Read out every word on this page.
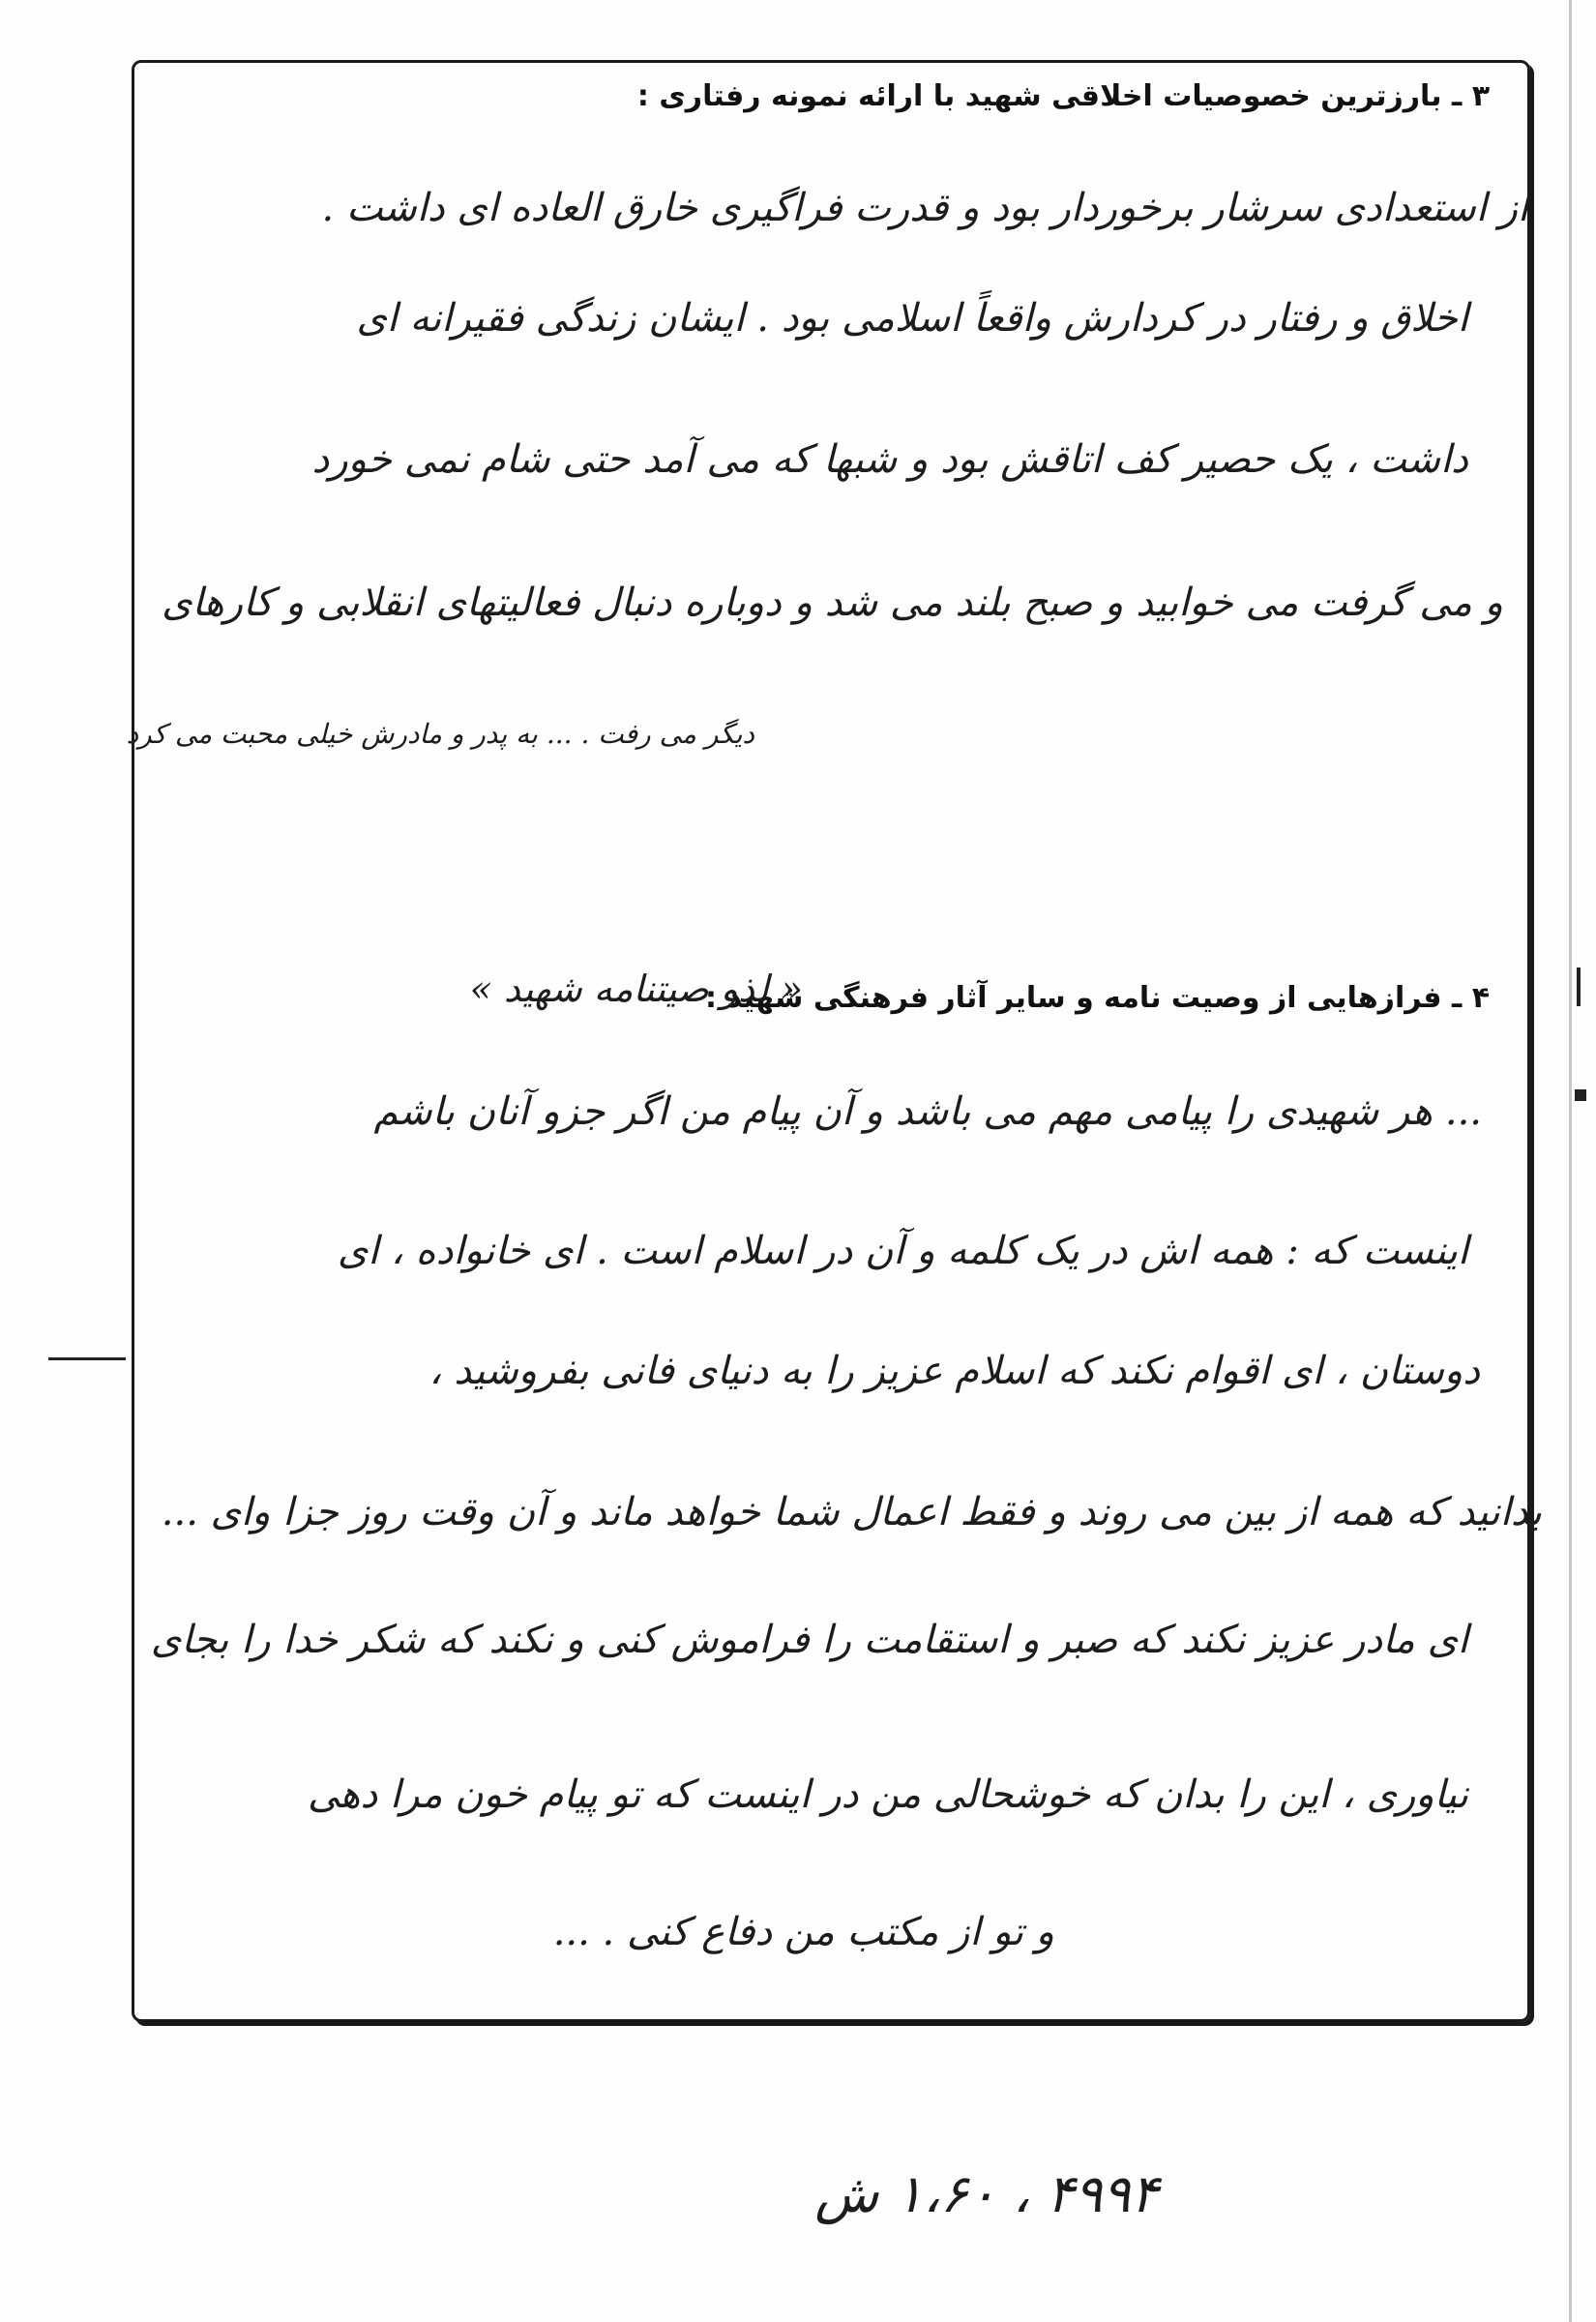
۳ ـ بارزترین خصوصیات اخلاقی شهید با ارائه نمونه رفتاری :
از استعدادی سرشار برخوردار بود و قدرت فراگیری خارق العاده ای داشت .
اخلاق و رفتار در کردارش واقعاً اسلامی بود . ایشان زندگی فقیرانه ای
داشت ، یک حصیر کف اتاقش بود و شبها که می آمد حتی شام نمی خورد
و می گرفت می خوابید و صبح بلند می شد و دوباره دنبال فعالیتهای انقلابی و کارهای
دیگر می رفت . ... به پدر و مادرش خیلی محبت می کرد
۴ ـ فرازهایی از وصیت نامه و سایر آثار فرهنگی شهید :
« لذو صیتنامه شهید »
... هر شهیدی را پیامی مهم می باشد و آن پیام من اگر جزو آنان باشم
اینست که : همه اش در یک کلمه و آن در اسلام است . ای خانواده ، ای
دوستان ، ای اقوام نکند که اسلام عزیز را به دنیای فانی بفروشید ،
بدانید که همه از بین می روند و فقط اعمال شما خواهد ماند و آن وقت روز جزا وای ...
ای مادر عزیز نکند که صبر و استقامت را فراموش کنی و نکند که شکر خدا را بجای
نیاوری ، این را بدان که خوشحالی من در اینست که تو پیام خون مرا دهی
و تو از مکتب من دفاع کنی . ...
۴۹۹۴ ، ۱،۶۰ ش
